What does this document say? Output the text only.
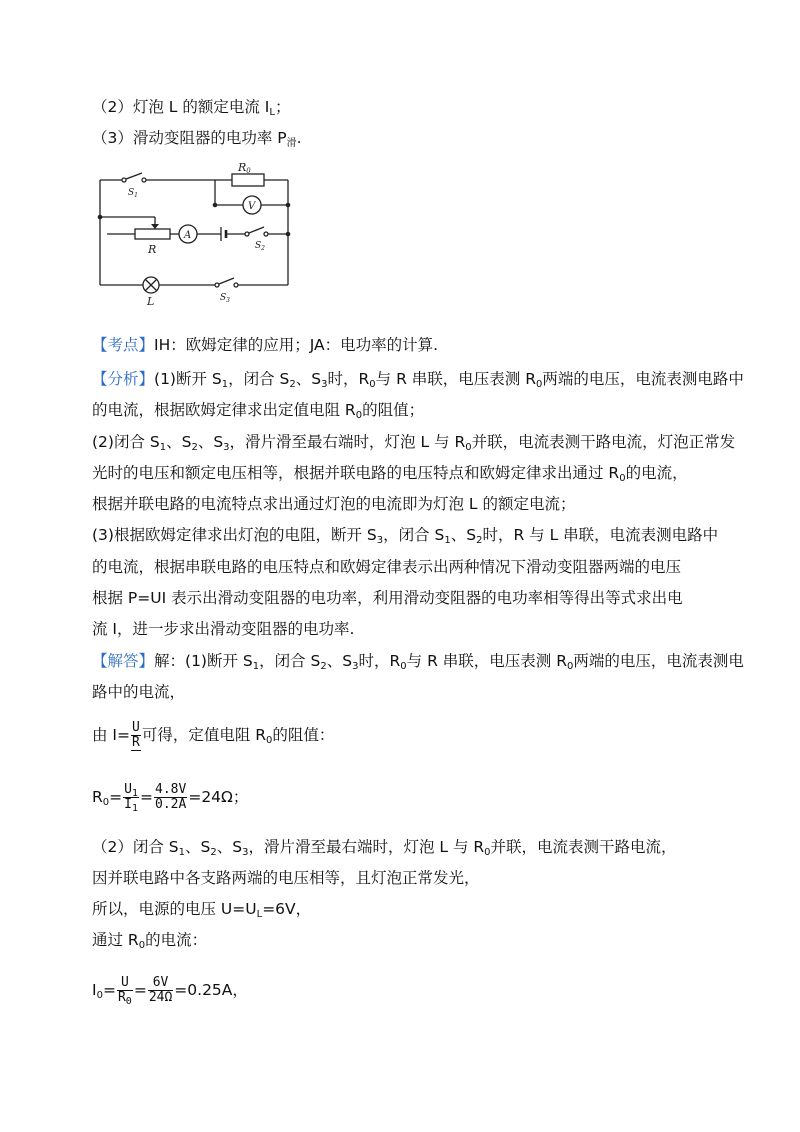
（2）灯泡 L 的额定电流 $I_L$；
（3）滑动变阻器的电功率 $P_滑$.
R0
V
A
R
L
$S_1$
$S_2$
$S_3$
【考点】IH：欧姆定律的应用；JA：电功率的计算.
【分析】(1)断开 $S_1$，闭合 $S_2$、$S_3$时，$R_0$与 R 串联，电压表测 $R_0$两端的电压，电流表测电路中
的电流，根据欧姆定律求出定值电阻 $R_0$的阻值；
(2)闭合 $S_1$、$S_2$、$S_3$，滑片滑至最右端时，灯泡 L 与 $R_0$并联，电流表测干路电流，灯泡正常发
光时的电压和额定电压相等，根据并联电路的电压特点和欧姆定律求出通过 $R_0$的电流，
根据并联电路的电流特点求出通过灯泡的电流即为灯泡 L 的额定电流；
(3)根据欧姆定律求出灯泡的电阻，断开 $S_3$，闭合 $S_1$、$S_2$时，R 与 L 串联，电流表测电路中
的电流，根据串联电路的电压特点和欧姆定律表示出两种情况下滑动变阻器两端的电压
根据 P=UI 表示出滑动变阻器的电功率，利用滑动变阻器的电功率相等得出等式求出电
流 I，进一步求出滑动变阻器的电功率.
【解答】解：(1)断开 $S_1$，闭合 $S_2$、$S_3$时，$R_0$与 R 串联，电压表测 $R_0$两端的电压，电流表测电
路中的电流，
由 $I= \frac{U}{R}$ 可得，定值电阻 $R_0$的阻值：
$R_0= \frac{U_1}{I_1} = \frac{4.8V}{0.2A} =24\Omega$；
（2）闭合 $S_1$、$S_2$、$S_3$，滑片滑至最右端时，灯泡 L 与 $R_0$并联，电流表测干路电流，
因并联电路中各支路两端的电压相等，且灯泡正常发光，
所以，电源的电压 $U=U_L=6V$，
通过 $R_0$的电流：
$I_0= \frac{U}{R_0} = \frac{6V}{24\Omega} =0.25A$，
